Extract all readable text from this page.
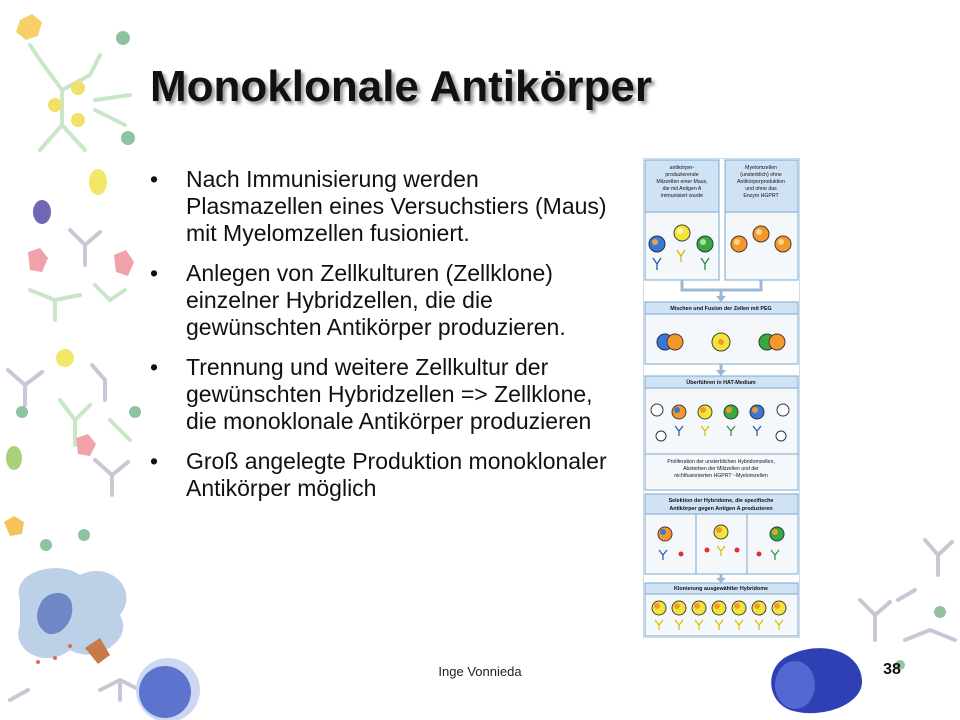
Monoklonale Antikörper
• Nach Immunisierung werden Plasmazellen eines Versuchstiers (Maus) mit Myelomzellen fusioniert.
• Anlegen von Zellkulturen (Zellklone) einzelner Hybridzellen, die die gewünschten Antikörper produzieren.
• Trennung und weitere Zellkultur der gewünschten Hybridzellen => Zellklone, die monoklonale Antikörper produzieren
• Groß angelegte Produktion monoklonaler Antikörper möglich
antikörper-
produzierende
Milzzellen einer Maus,
die mit Antigen A
immunisiert wurde
Myelomzellen
(unsterblich) ohne
Antikörperproduktion
und ohne das
Enzym HGPRT
Mischen und Fusion der Zellen mit PEG
Überführen in HAT-Medium
Proliferation der unsterblichen Hybridomzellen,
Absterben der Milzzellen und der
nichtfusionierten HGPRT⁻-Myelomzellen
Selektion der Hybridome, die spezifische
Antikörper gegen Antigen A produzieren
Klonierung ausgewählter Hybridome
Inge Vonnieda	38
